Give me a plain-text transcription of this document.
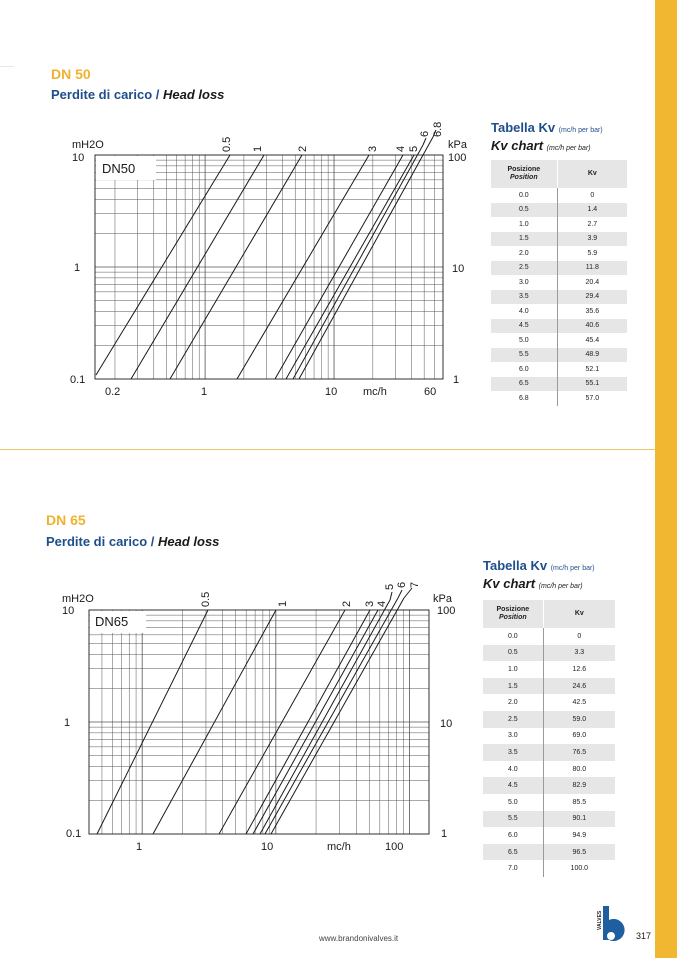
DN 50
Perdite di carico / Head loss
DN50
mH2O
10
1
0.1
kPa
100
10
1
0.2	1	10 mc/h	60
0.5 1	2	3 4 5
6 6.8	Tabella Kv (mc/h per bar)
Kv chart (mc/h per bar)
Posizione
Position	Kv
0.0	0
0.5	1.4
1.0	2.7
1.5	3.9
2.0	5.9
2.5	11.8
3.0	20.4
3.5	29.4
4.0	35.6
4.5	40.6
5.0	45.4
5.5	48.9
6.0	52.1
6.5	55.1
6.8	57.0
DN 65
Perdite di carico / Head loss
DN65
mH2O
10
1
0.1
kPa
100
10
1
1	10	mc/h	100
0.5	1	2 3 4
5 6 7
Tabella Kv (mc/h per bar)
Kv chart (mc/h per bar)
Posizione
Position	Kv
0.0	0
0.5	3.3
1.0	12.6
1.5	24.6
2.0	42.5
2.5	59.0
3.0	69.0
3.5	76.5
4.0	80.0
4.5	82.9
5.0	85.5
5.5	90.1
6.0	94.9
6.5	96.5
7.0	100.0
www.brandonivalves.it
VALVES
317
